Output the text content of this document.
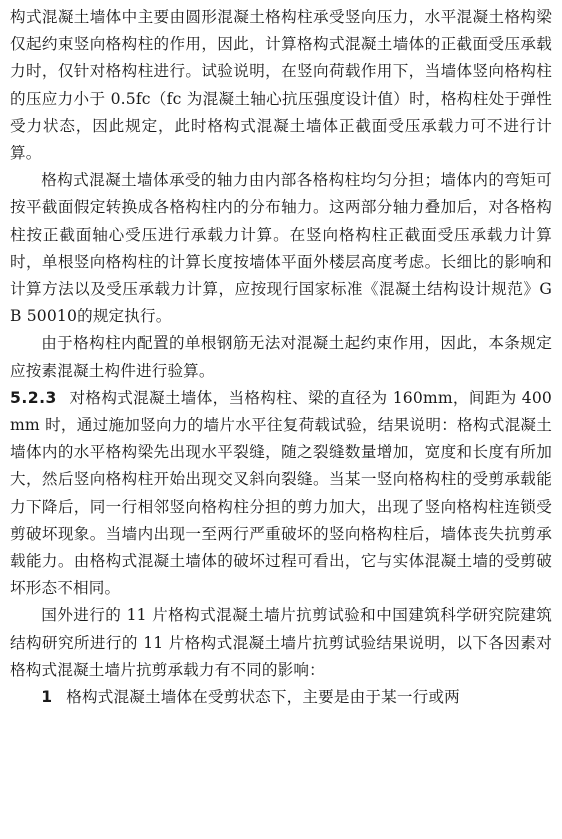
构式混凝土墙体中主要由圆形混凝土格构柱承受竖向压力，水平混凝土格构梁仅起约束竖向格构柱的作用，因此，计算格构式混凝土墙体的正截面受压承载力时，仅针对格构柱进行。试验说明，在竖向荷载作用下，当墙体竖向格构柱的压应力小于 0.5fc（fc 为混凝土轴心抗压强度设计值）时，格构柱处于弹性受力状态，因此规定，此时格构式混凝土墙体正截面受压承载力可不进行计算。

格构式混凝土墙体承受的轴力由内部各格构柱均匀分担；墙体内的弯矩可按平截面假定转换成各格构柱内的分布轴力。这两部分轴力叠加后，对各格构柱按正截面轴心受压进行承载力计算。在竖向格构柱正截面受压承载力计算时，单根竖向格构柱的计算长度按墙体平面外楼层高度考虑。长细比的影响和计算方法以及受压承载力计算，应按现行国家标准《混凝土结构设计规范》GB 50010的规定执行。

由于格构柱内配置的单根钢筋无法对混凝土起约束作用，因此，本条规定应按素混凝土构件进行验算。

5.2.3 对格构式混凝土墙体，当格构柱、梁的直径为 160mm，间距为 400mm 时，通过施加竖向力的墙片水平往复荷载试验，结果说明：格构式混凝土墙体内的水平格构梁先出现水平裂缝，随之裂缝数量增加，宽度和长度有所加大，然后竖向格构柱开始出现交叉斜向裂缝。当某一竖向格构柱的受剪承载能力下降后，同一行相邻竖向格构柱分担的剪力加大，出现了竖向格构柱连锁受剪破坏现象。当墙内出现一至两行严重破坏的竖向格构柱后，墙体丧失抗剪承载能力。由格构式混凝土墙体的破坏过程可看出，它与实体混凝土墙的受剪破坏形态不相同。

国外进行的 11 片格构式混凝土墙片抗剪试验和中国建筑科学研究院建筑结构研究所进行的 11 片格构式混凝土墙片抗剪试验结果说明，以下各因素对格构式混凝土墙片抗剪承载力有不同的影响：

1 格构式混凝土墙体在受剪状态下，主要是由于某一行或两
